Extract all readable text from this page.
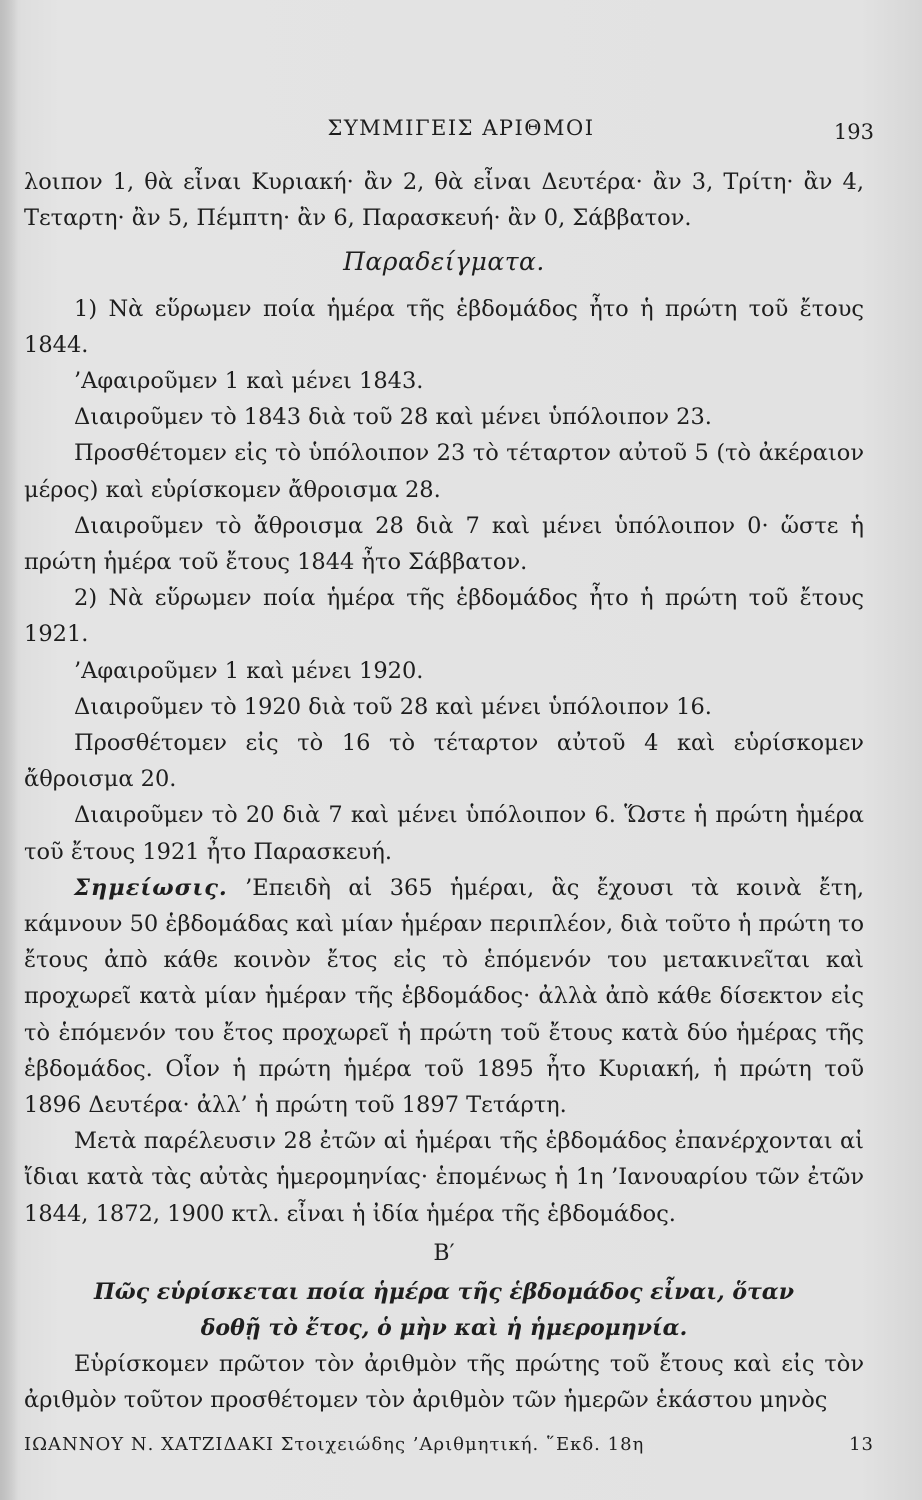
ΣΥΜΜΙΓΕΙΣ ΑΡΙΘΜΟΙ	193

λοιπον 1, θὰ εἶναι Κυριακή· ἂν 2, θὰ εἶναι Δευτέρα· ἂν 3, Τρίτη· ἂν 4, Τεταρτη· ἂν 5, Πέμπτη· ἂν 6, Παρασκευή· ἂν 0, Σάββατον.

Παραδείγματα.

1) Νὰ εὕρωμεν ποία ἡμέρα τῆς ἑβδομάδος ἦτο ἡ πρώτη τοῦ ἔτους 1844.

’Αφαιροῦμεν 1 καὶ μένει 1843.

Διαιροῦμεν τὸ 1843 διὰ τοῦ 28 καὶ μένει ὑπόλοιπον 23.

Προσθέτομεν εἰς τὸ ὑπόλοιπον 23 τὸ τέταρτον αὐτοῦ 5 (τὸ ἀκέραιον μέρος) καὶ εὑρίσκομεν ἄθροισμα 28.

Διαιροῦμεν τὸ ἄθροισμα 28 διὰ 7 καὶ μένει ὑπόλοιπον 0· ὥστε ἡ πρώτη ἡμέρα τοῦ ἔτους 1844 ἦτο Σάββατον.

2) Νὰ εὕρωμεν ποία ἡμέρα τῆς ἑβδομάδος ἦτο ἡ πρώτη τοῦ ἔτους 1921.

’Αφαιροῦμεν 1 καὶ μένει 1920.

Διαιροῦμεν τὸ 1920 διὰ τοῦ 28 καὶ μένει ὑπόλοιπον 16.

Προσθέτομεν εἰς τὸ 16 τὸ τέταρτον αὐτοῦ 4 καὶ εὑρίσκομεν ἄθροισμα 20.

Διαιροῦμεν τὸ 20 διὰ 7 καὶ μένει ὑπόλοιπον 6. Ὥστε ἡ πρώτη ἡμέρα τοῦ ἔτους 1921 ἦτο Παρασκευή.

Σημείωσις. ’Επειδὴ αἱ 365 ἡμέραι, ἃς ἔχουσι τὰ κοινὰ ἔτη, κάμνουν 50 ἑβδομάδας καὶ μίαν ἡμέραν περιπλέον, διὰ τοῦτο ἡ πρώτη το ἔτους ἀπὸ κάθε κοινὸν ἔτος εἰς τὸ ἑπόμενόν του μετακινεῖται καὶ προχωρεῖ κατὰ μίαν ἡμέραν τῆς ἑβδομάδος· ἀλλὰ ἀπὸ κάθε δίσεκτον εἰς τὸ ἑπόμενόν του ἔτος προχωρεῖ ἡ πρώτη τοῦ ἔτους κατὰ δύο ἡμέρας τῆς ἑβδομάδος. Οἷον ἡ πρώτη ἡμέρα τοῦ 1895 ἦτο Κυριακή, ἡ πρώτη τοῦ 1896 Δευτέρα· ἀλλ’ ἡ πρώτη τοῦ 1897 Τετάρτη.

Μετὰ παρέλευσιν 28 ἐτῶν αἱ ἡμέραι τῆς ἑβδομάδος ἐπανέρχονται αἱ ἴδιαι κατὰ τὰς αὐτὰς ἡμερομηνίας· ἑπομένως ἡ 1η ’Ιανουαρίου τῶν ἐτῶν 1844, 1872, 1900 κτλ. εἶναι ἡ ἰδία ἡμέρα τῆς ἑβδομάδος.

Β′

Πῶς εὑρίσκεται ποία ἡμέρα τῆς ἑβδομάδος εἶναι, ὅταν δοθῇ τὸ ἔτος, ὁ μὴν καὶ ἡ ἡμερομηνία.

Εὑρίσκομεν πρῶτον τὸν ἀριθμὸν τῆς πρώτης τοῦ ἔτους καὶ εἰς τὸν ἀριθμὸν τοῦτον προσθέτομεν τὸν ἀριθμὸν τῶν ἡμερῶν ἑκάστου μηνὸς

ΙΩΑΝΝΟΥ Ν. ΧΑΤΖΙΔΑΚΙ Στοιχειώδης ’Αριθμητική. ῞Εκδ. 18η	13
